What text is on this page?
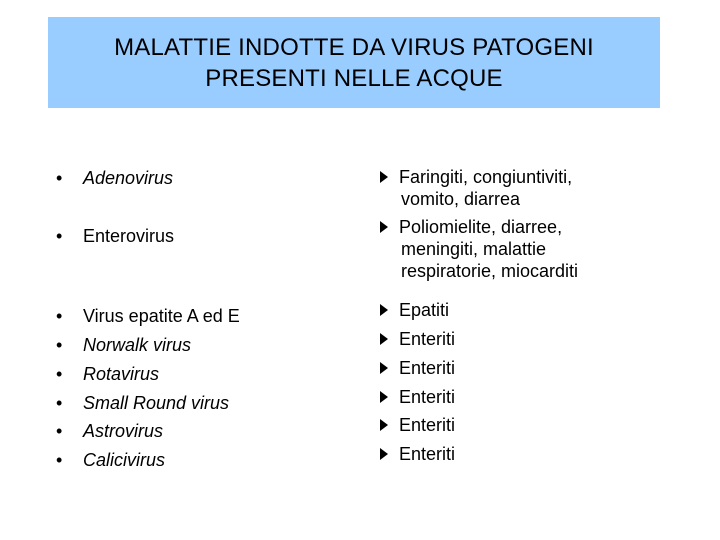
MALATTIE INDOTTE DA VIRUS PATOGENI
PRESENTI NELLE ACQUE
• Adenovirus
• Enterovirus
• Virus epatite A ed E
• Norwalk virus
• Rotavirus
• Small Round virus
• Astrovirus
• Calicivirus
Faringiti, congiuntiviti,
vomito, diarrea
Poliomielite, diarree,
meningiti, malattie
respiratorie, miocarditi
Epatiti
Enteriti
Enteriti
Enteriti
Enteriti
Enteriti
